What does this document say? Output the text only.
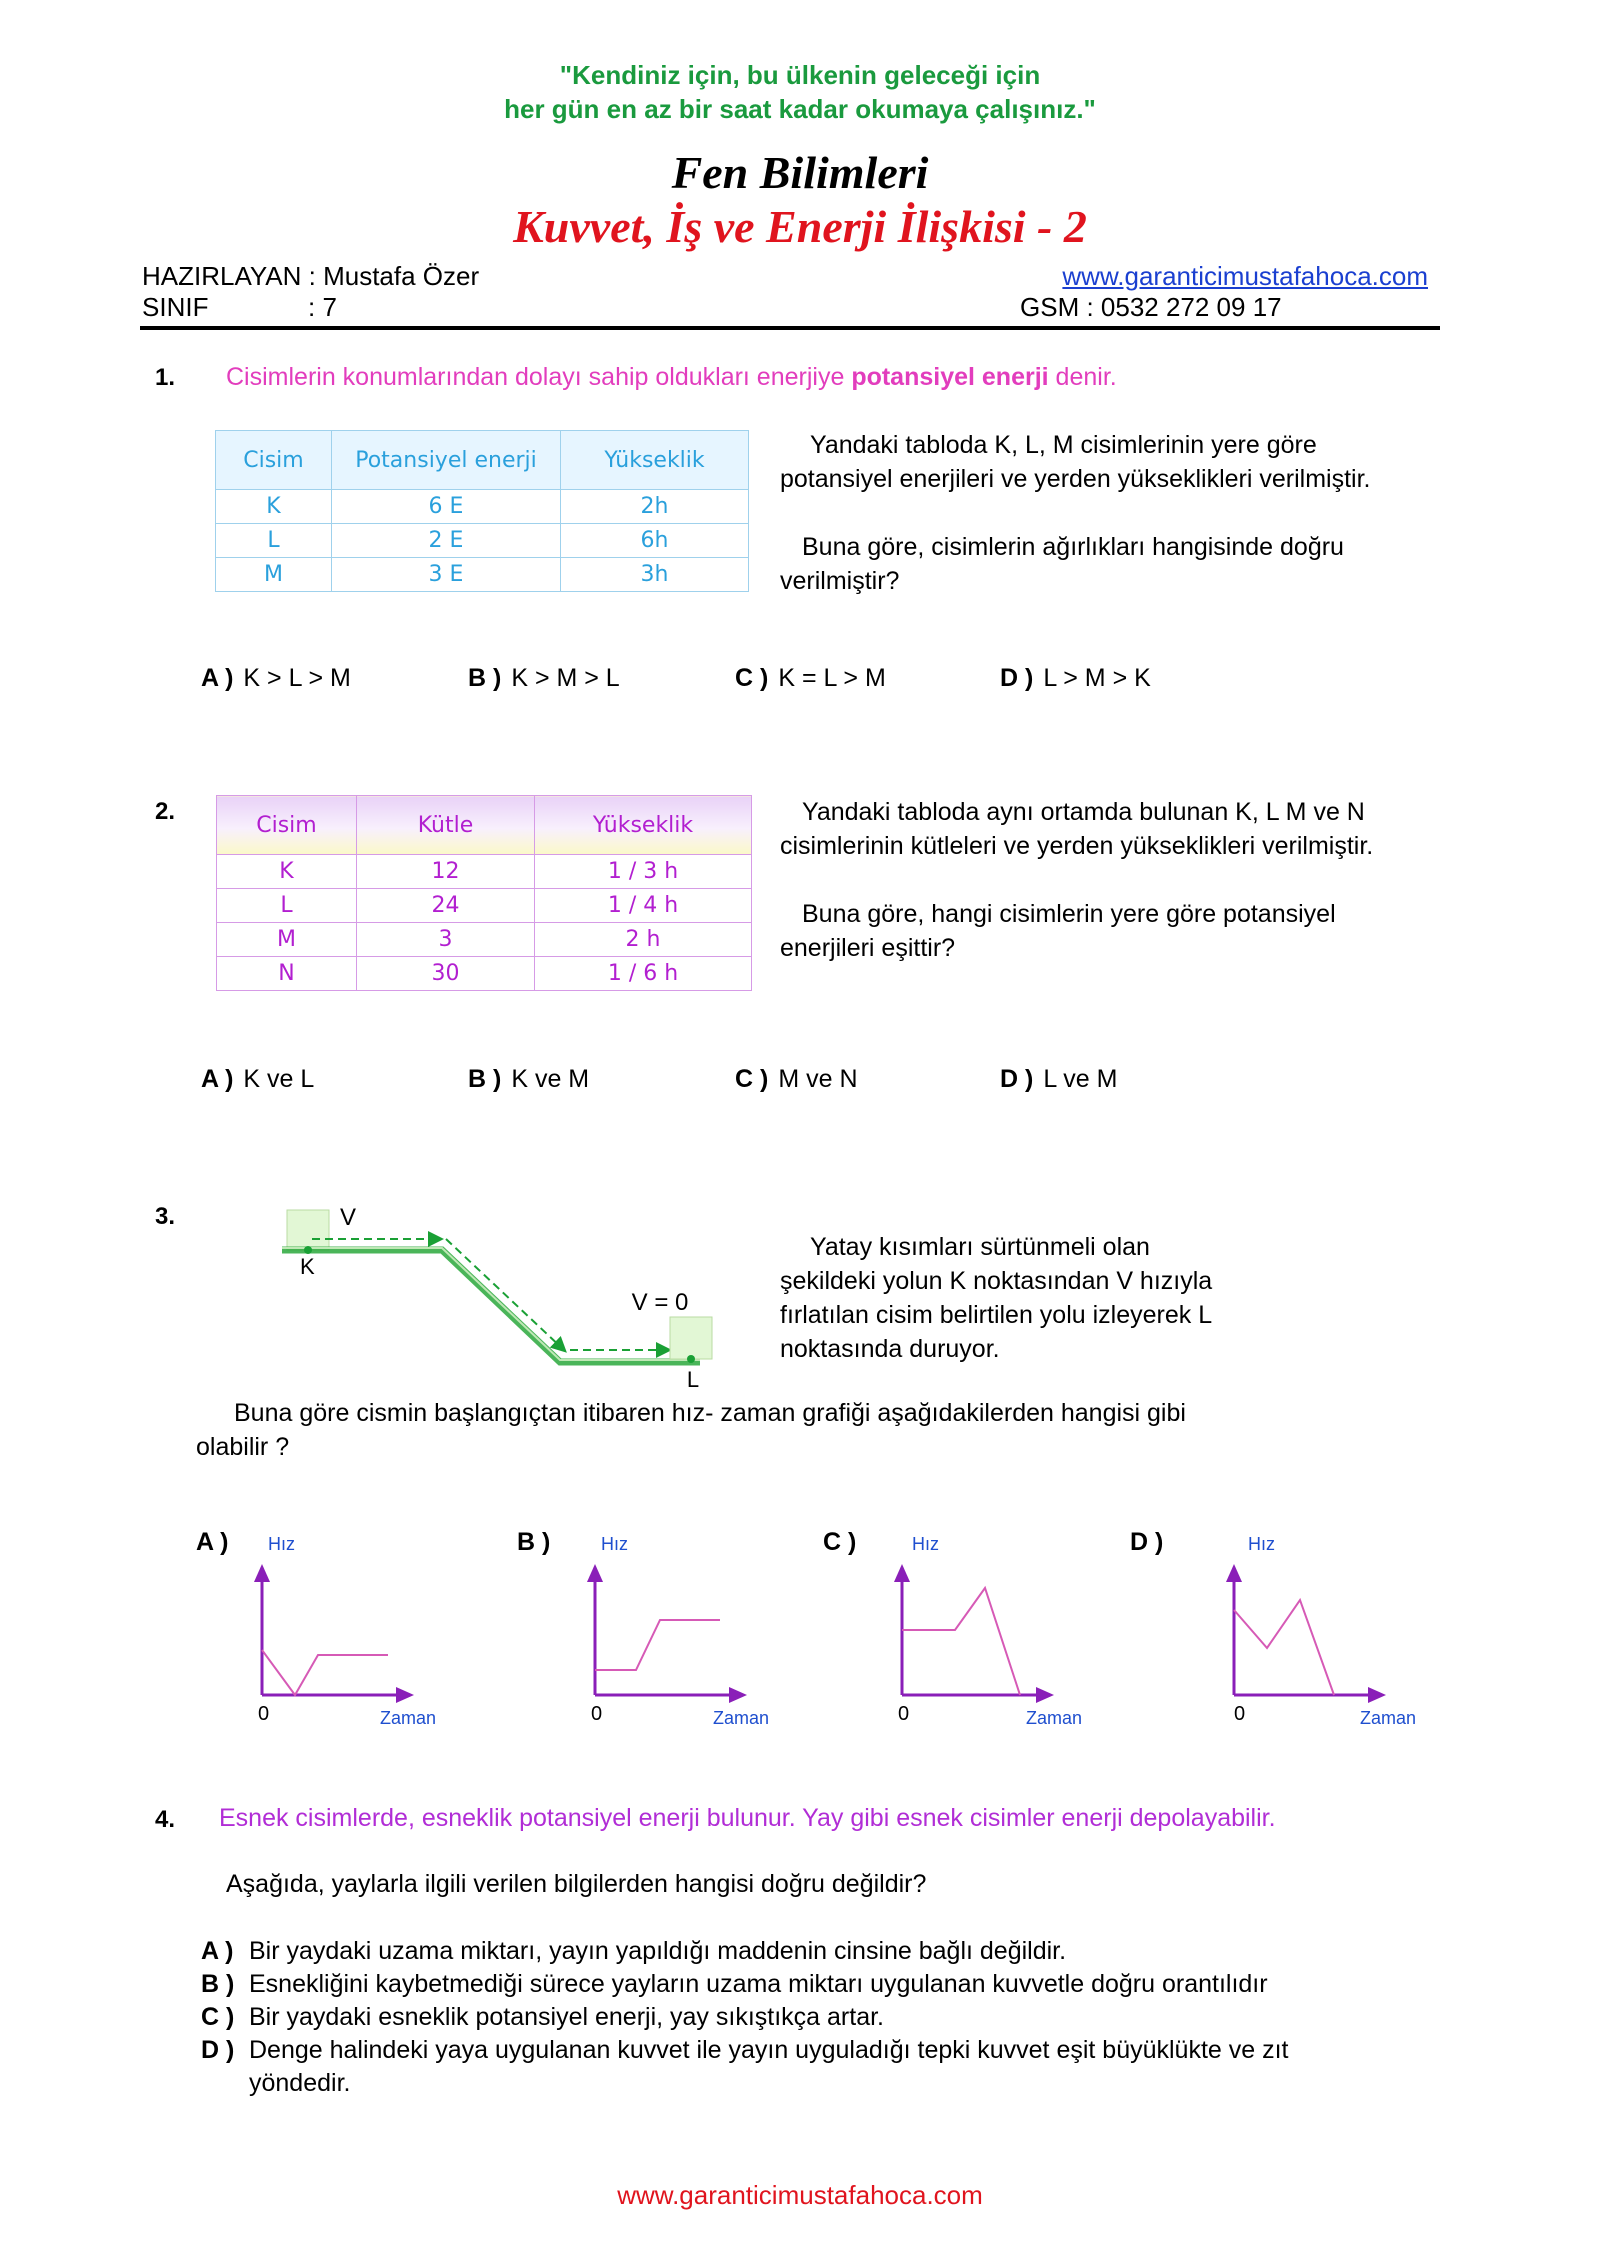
"Kendiniz için, bu ülkenin geleceği için
her gün en az bir saat kadar okumaya çalışınız."
Fen Bilimleri
Kuvvet, İş ve Enerji İlişkisi - 2
HAZIRLAYAN : Mustafa Özer
SINIF	: 7
www.garanticimustafahoca.com
GSM : 0532 272 09 17
1. Cisimlerin konumlarından dolayı sahip oldukları enerjiye potansiyel enerji denir.
Cisim	Potansiyel enerji	Yükseklik
K	6 E	2h
L	2 E	6h
M	3 E	3h
Yandaki tabloda K, L, M cisimlerinin yere göre
potansiyel enerjileri ve yerden yükseklikleri verilmiştir.
Buna göre, cisimlerin ağırlıkları hangisinde doğru
verilmiştir?
A ) K > L > M	B ) K > M > L	C ) K = L > M	D ) L > M > K
2.	Cisim	Kütle	Yükseklik
K	12	1 / 3 h
L	24	1 / 4 h
M	3	2 h
N	30	1 / 6 h
Yandaki tabloda aynı ortamda bulunan K, L M ve N
cisimlerinin kütleleri ve yerden yükseklikleri verilmiştir.
Buna göre, hangi cisimlerin yere göre potansiyel
enerjileri eşittir?
A ) K ve L	B ) K ve M	C ) M ve N	D ) L ve M
3.	V
K
V = 0
L
Yatay kısımları sürtünmeli olan
şekildeki yolun K noktasından V hızıyla
fırlatılan cisim belirtilen yolu izleyerek L
noktasında duruyor.
Buna göre cismin başlangıçtan itibaren hız- zaman grafiği aşağıdakilerden hangisi gibi
olabilir ?
A )	B )	C )	D )
Hız
0	Zaman
Hız
0	Zaman
Hız
0	Zaman
Hız
0	Zaman
4. Esnek cisimlerde, esneklik potansiyel enerji bulunur. Yay gibi esnek cisimler enerji depolayabilir.
Aşağıda, yaylarla ilgili verilen bilgilerden hangisi doğru değildir?
A ) Bir yaydaki uzama miktarı, yayın yapıldığı maddenin cinsine bağlı değildir.
B ) Esnekliğini kaybetmediği sürece yayların uzama miktarı uygulanan kuvvetle doğru orantılıdır
C ) Bir yaydaki esneklik potansiyel enerji, yay sıkıştıkça artar.
D ) Denge halindeki yaya uygulanan kuvvet ile yayın uyguladığı tepki kuvvet eşit büyüklükte ve zıt
yöndedir.
www.garanticimustafahoca.com
